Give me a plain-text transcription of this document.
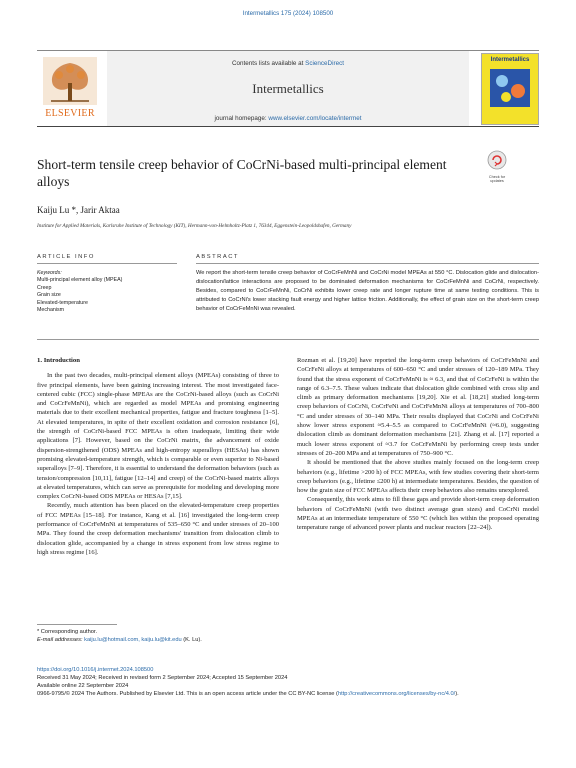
Intermetallics 175 (2024) 108500
ELSEVIER
Contents lists available at ScienceDirect
Intermetallics
journal homepage: www.elsevier.com/locate/intermet
Intermetallics
Short-term tensile creep behavior of CoCrNi-based multi-principal element alloys	Check for updates
Kaiju Lu *, Jarir Aktaa
Institute for Applied Materials, Karlsruhe Institute of Technology (KIT), Hermann-von-Helmholtz-Platz 1, 76344, Eggenstein-Leopoldshafen, Germany
ARTICLE INFO	ABSTRACT
Keywords:
Multi-principal element alloy (MPEA)
Creep
Grain size
Elevated-temperature
Mechanism
We report the short-term tensile creep behavior of CoCrFeMnNi and CoCrNi model MPEAs at 550 °C. Dislocation glide and dislocation-dislocation/lattice interactions are proposed to be dominated deformation mechanisms for CoCrFeMnNi and CoCrNi, respectively. Besides, compared to CoCrFeMnNi, CoCrNi exhibits lower creep rate and longer rupture time at same testing conditions. This is attributed to CoCrNi's lower stacking fault energy and higher lattice friction. Additionally, the effect of grain size on the short-term creep behavior of CoCrFeMnNi was revealed.
1. Introduction

In the past two decades, multi-principal element alloys (MPEAs) consisting of three to five principal elements, have been gaining increasing interest. The most investigated face-centered cubic (FCC) single-phase MPEAs are the CoCrNi-based alloys (such as CoCrNi and CoCrFeMnNi), which are regarded as model MPEAs and promising engineering materials due to their excellent mechanical properties, fatigue and fracture toughness [1–5]. At elevated temperatures, in spite of their excellent oxidation and corrosion resistance [6], the strength of CoCrNi-based FCC MPEAs is often inadequate, limiting their wide applications [7]. However, based on the CoCrNi matrix, the advancement of oxide dispersion-strengthened (ODS) MPEAs and high-entropy superalloys (HESAs) has shown promising elevated-temperature strength, which is comparable or even superior to Ni-based superalloys [7–9]. Therefore, it is essential to understand the deformation behaviors (such as tension/compression [10,11], fatigue [12–14] and creep) of the CoCrNi-based matrix alloys at elevated temperatures, which can serve as prerequisite for modeling and developing more complex CoCrNi-based ODS MPEAs or HESAs [7,15].

Recently, much attention has been placed on the elevated-temperature creep properties of FCC MPEAs [15–18]. For instance, Kang et al. [16] investigated the long-term creep performance of CoCrFeMnNi at temperatures of 535–650 °C and under stresses of 20–100 MPa. They found the creep deformation mechanisms' transition from dislocation climb to dislocation glide, accompanied by a change in stress exponent from low stress regime to high stress regime [16].

Rozman et al. [19,20] have reported the long-term creep behaviors of CoCrFeMnNi and CoCrFeNi alloys at temperatures of 600–650 °C and under stresses of 120–189 MPa. They found that the stress exponent of CoCrFeMnNi is ≈ 6.3, and that of CoCrFeNi is within the range of 6.3–7.5. These values indicate that dislocation glide combined with cross slip and climb as primary deformation mechanisms [19,20]. Xie et al. [18,21] studied long-term creep behaviors of CoCrNi, CoCrFeNi and CoCrFeMnNi alloys at temperatures of 700–800 °C and under stresses of 30–140 MPa. Their results displayed that CoCrNi and CoCrFeNi show lower stress exponent ≈5.4–5.5 as compared to CoCrFeMnNi (≈6.0), suggesting dislocation climb as dominant deformation mechanisms [21]. Zhang et al. [17] reported a much lower stress exponent of ≈3.7 for CoCrFeMnNi by performing creep tests under stresses of 20–200 MPa and at temperatures of 750–900 °C.

It should be mentioned that the above studies mainly focused on the long-term creep behaviors (e.g., lifetime >200 h) of FCC MPEAs, with few studies covering their short-term creep behaviors (e.g., lifetime ≤200 h) at intermediate temperatures. Besides, the question of how the grain size of FCC MPEAs affects their creep behaviors also remains unexplored.

Consequently, this work aims to fill these gaps and provide short-term creep deformation behaviors of CoCrFeMnNi (with two distinct average gran sizes) and CoCrNi model MPEAs at an intermediate temperature of 550 °C (which lies within the proposed operating temperature range of advanced power plants and nuclear reactors [22–24]).

* Corresponding author.
E-mail addresses: kaiju.lu@hotmail.com, kaiju.lu@kit.edu (K. Lu).
https://doi.org/10.1016/j.intermet.2024.108500
Received 31 May 2024; Received in revised form 2 September 2024; Accepted 15 September 2024
Available online 22 September 2024
0966-9795/© 2024 The Authors. Published by Elsevier Ltd. This is an open access article under the CC BY-NC license (http://creativecommons.org/licenses/by-nc/4.0/).
